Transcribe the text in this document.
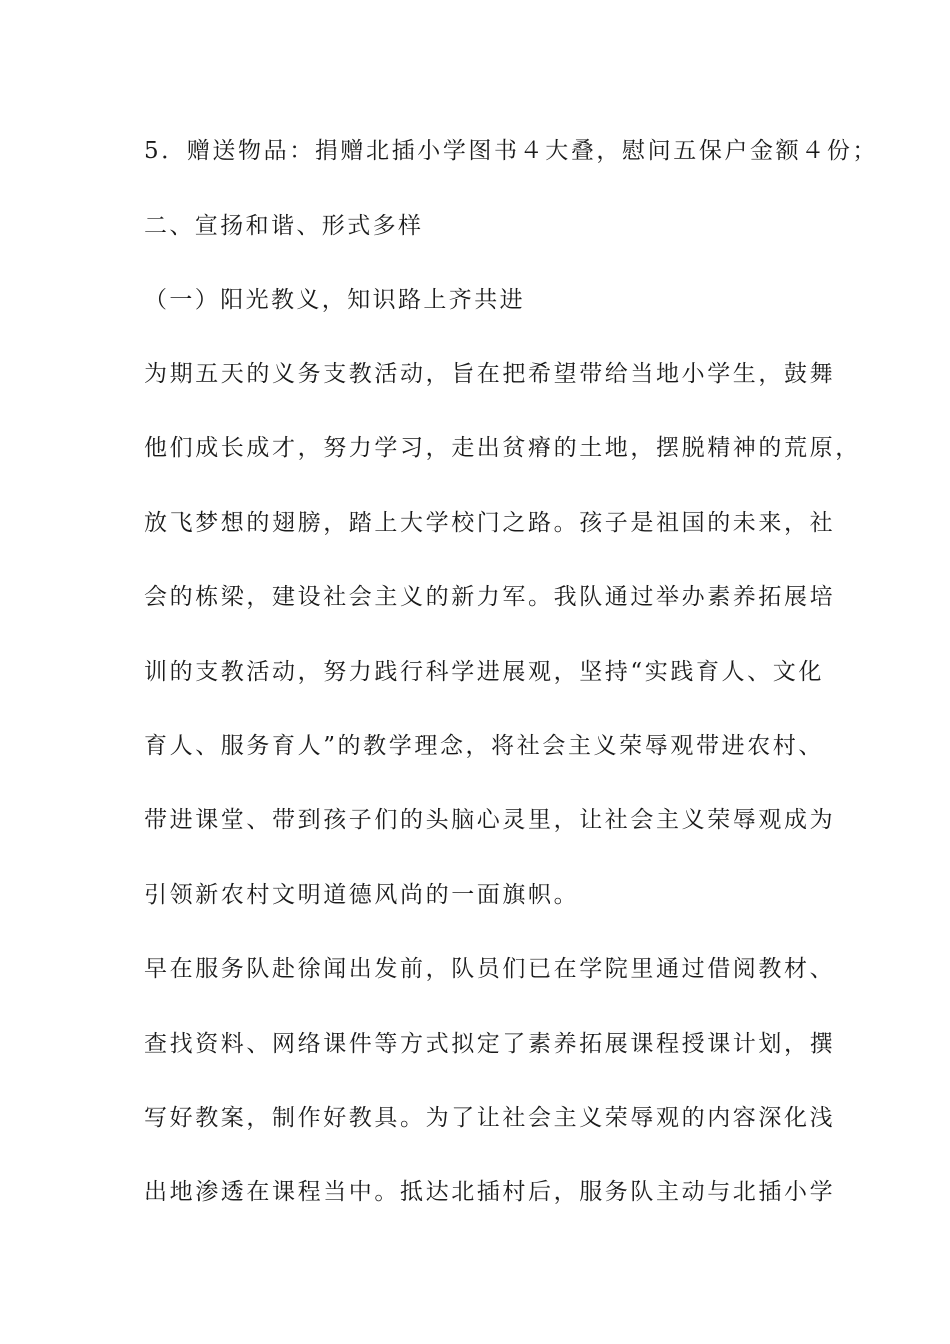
5．赠送物品：捐赠北插小学图书４大叠，慰问五保户金额４份；
二、宣扬和谐、形式多样
（一）阳光教义，知识路上齐共进
为期五天的义务支教活动，旨在把希望带给当地小学生，鼓舞
他们成长成才，努力学习，走出贫瘠的土地，摆脱精神的荒原，
放飞梦想的翅膀，踏上大学校门之路。孩子是祖国的未来，社
会的栋梁，建设社会主义的新力军。我队通过举办素养拓展培
训的支教活动，努力践行科学进展观，坚持“实践育人、文化
育人、服务育人”的教学理念，将社会主义荣辱观带进农村、
带进课堂、带到孩子们的头脑心灵里，让社会主义荣辱观成为
引领新农村文明道德风尚的一面旗帜。
早在服务队赴徐闻出发前，队员们已在学院里通过借阅教材、
查找资料、网络课件等方式拟定了素养拓展课程授课计划，撰
写好教案，制作好教具。为了让社会主义荣辱观的内容深化浅
出地渗透在课程当中。抵达北插村后，服务队主动与北插小学
